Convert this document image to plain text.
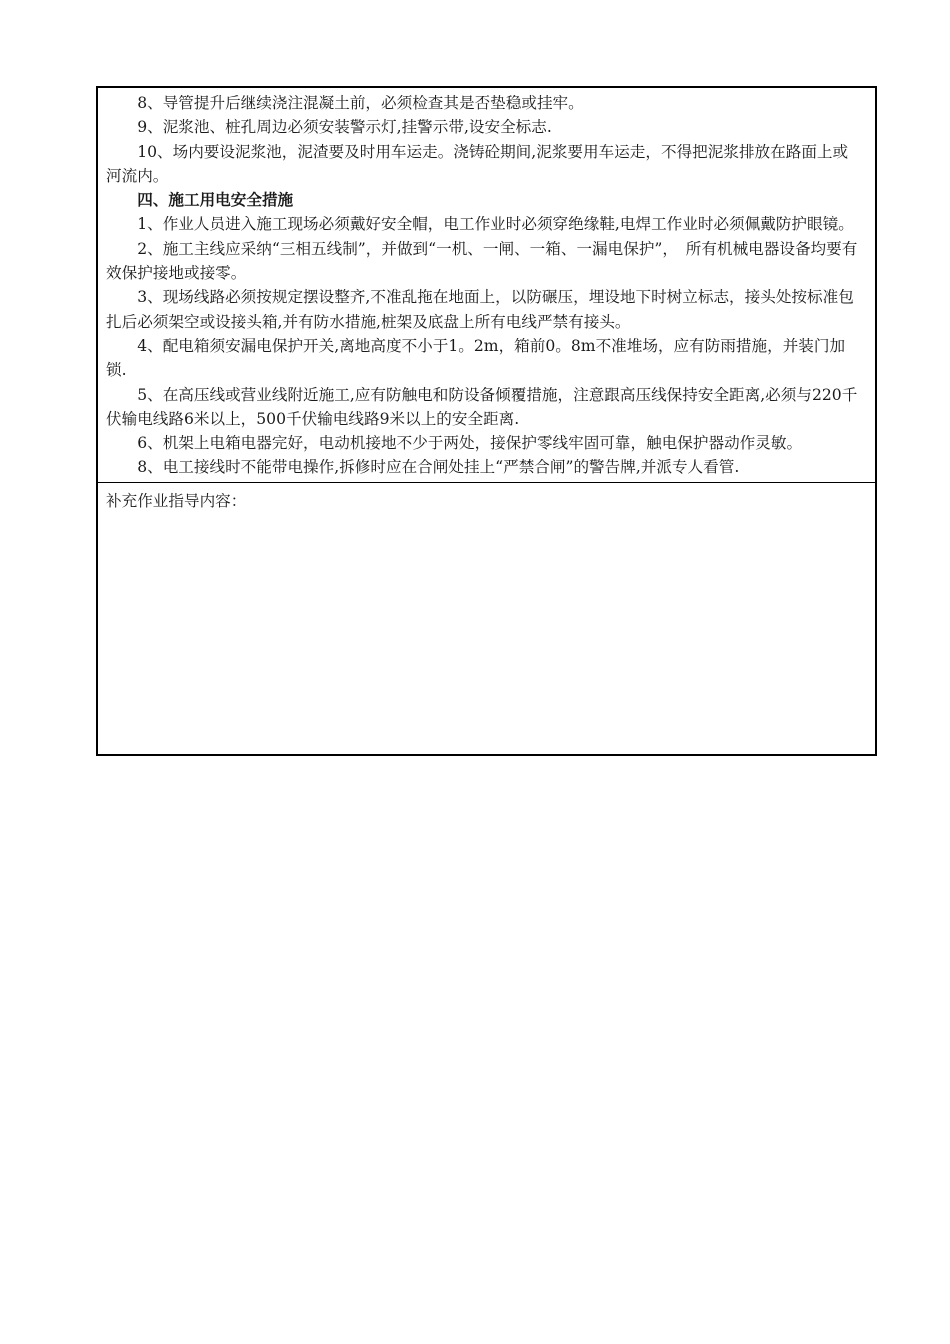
8、导管提升后继续浇注混凝土前，必须检查其是否垫稳或挂牢。

9、泥浆池、桩孔周边必须安装警示灯,挂警示带,设安全标志.

10、场内要设泥浆池，泥渣要及时用车运走。浇铸砼期间,泥浆要用车运走，不得把泥浆排放在路面上或河流内。

四、施工用电安全措施

1、作业人员进入施工现场必须戴好安全帽，电工作业时必须穿绝缘鞋,电焊工作业时必须佩戴防护眼镜。

2、施工主线应采纳“三相五线制”，并做到“一机、一闸、一箱、一漏电保护”，　所有机械电器设备均要有效保护接地或接零。

3、现场线路必须按规定摆设整齐,不准乱拖在地面上，以防碾压，埋设地下时树立标志，接头处按标准包扎后必须架空或设接头箱,并有防水措施,桩架及底盘上所有电线严禁有接头。

4、配电箱须安漏电保护开关,离地高度不小于1。2m，箱前0。8m不准堆场，应有防雨措施，并装门加锁.

5、在高压线或营业线附近施工,应有防触电和防设备倾覆措施，注意跟高压线保持安全距离,必须与220千伏输电线路6米以上，500千伏输电线路9米以上的安全距离.

6、机架上电箱电器完好，电动机接地不少于两处，接保护零线牢固可靠，触电保护器动作灵敏。

8、电工接线时不能带电操作,拆修时应在合闸处挂上“严禁合闸”的警告牌,并派专人看管.

补充作业指导内容：
